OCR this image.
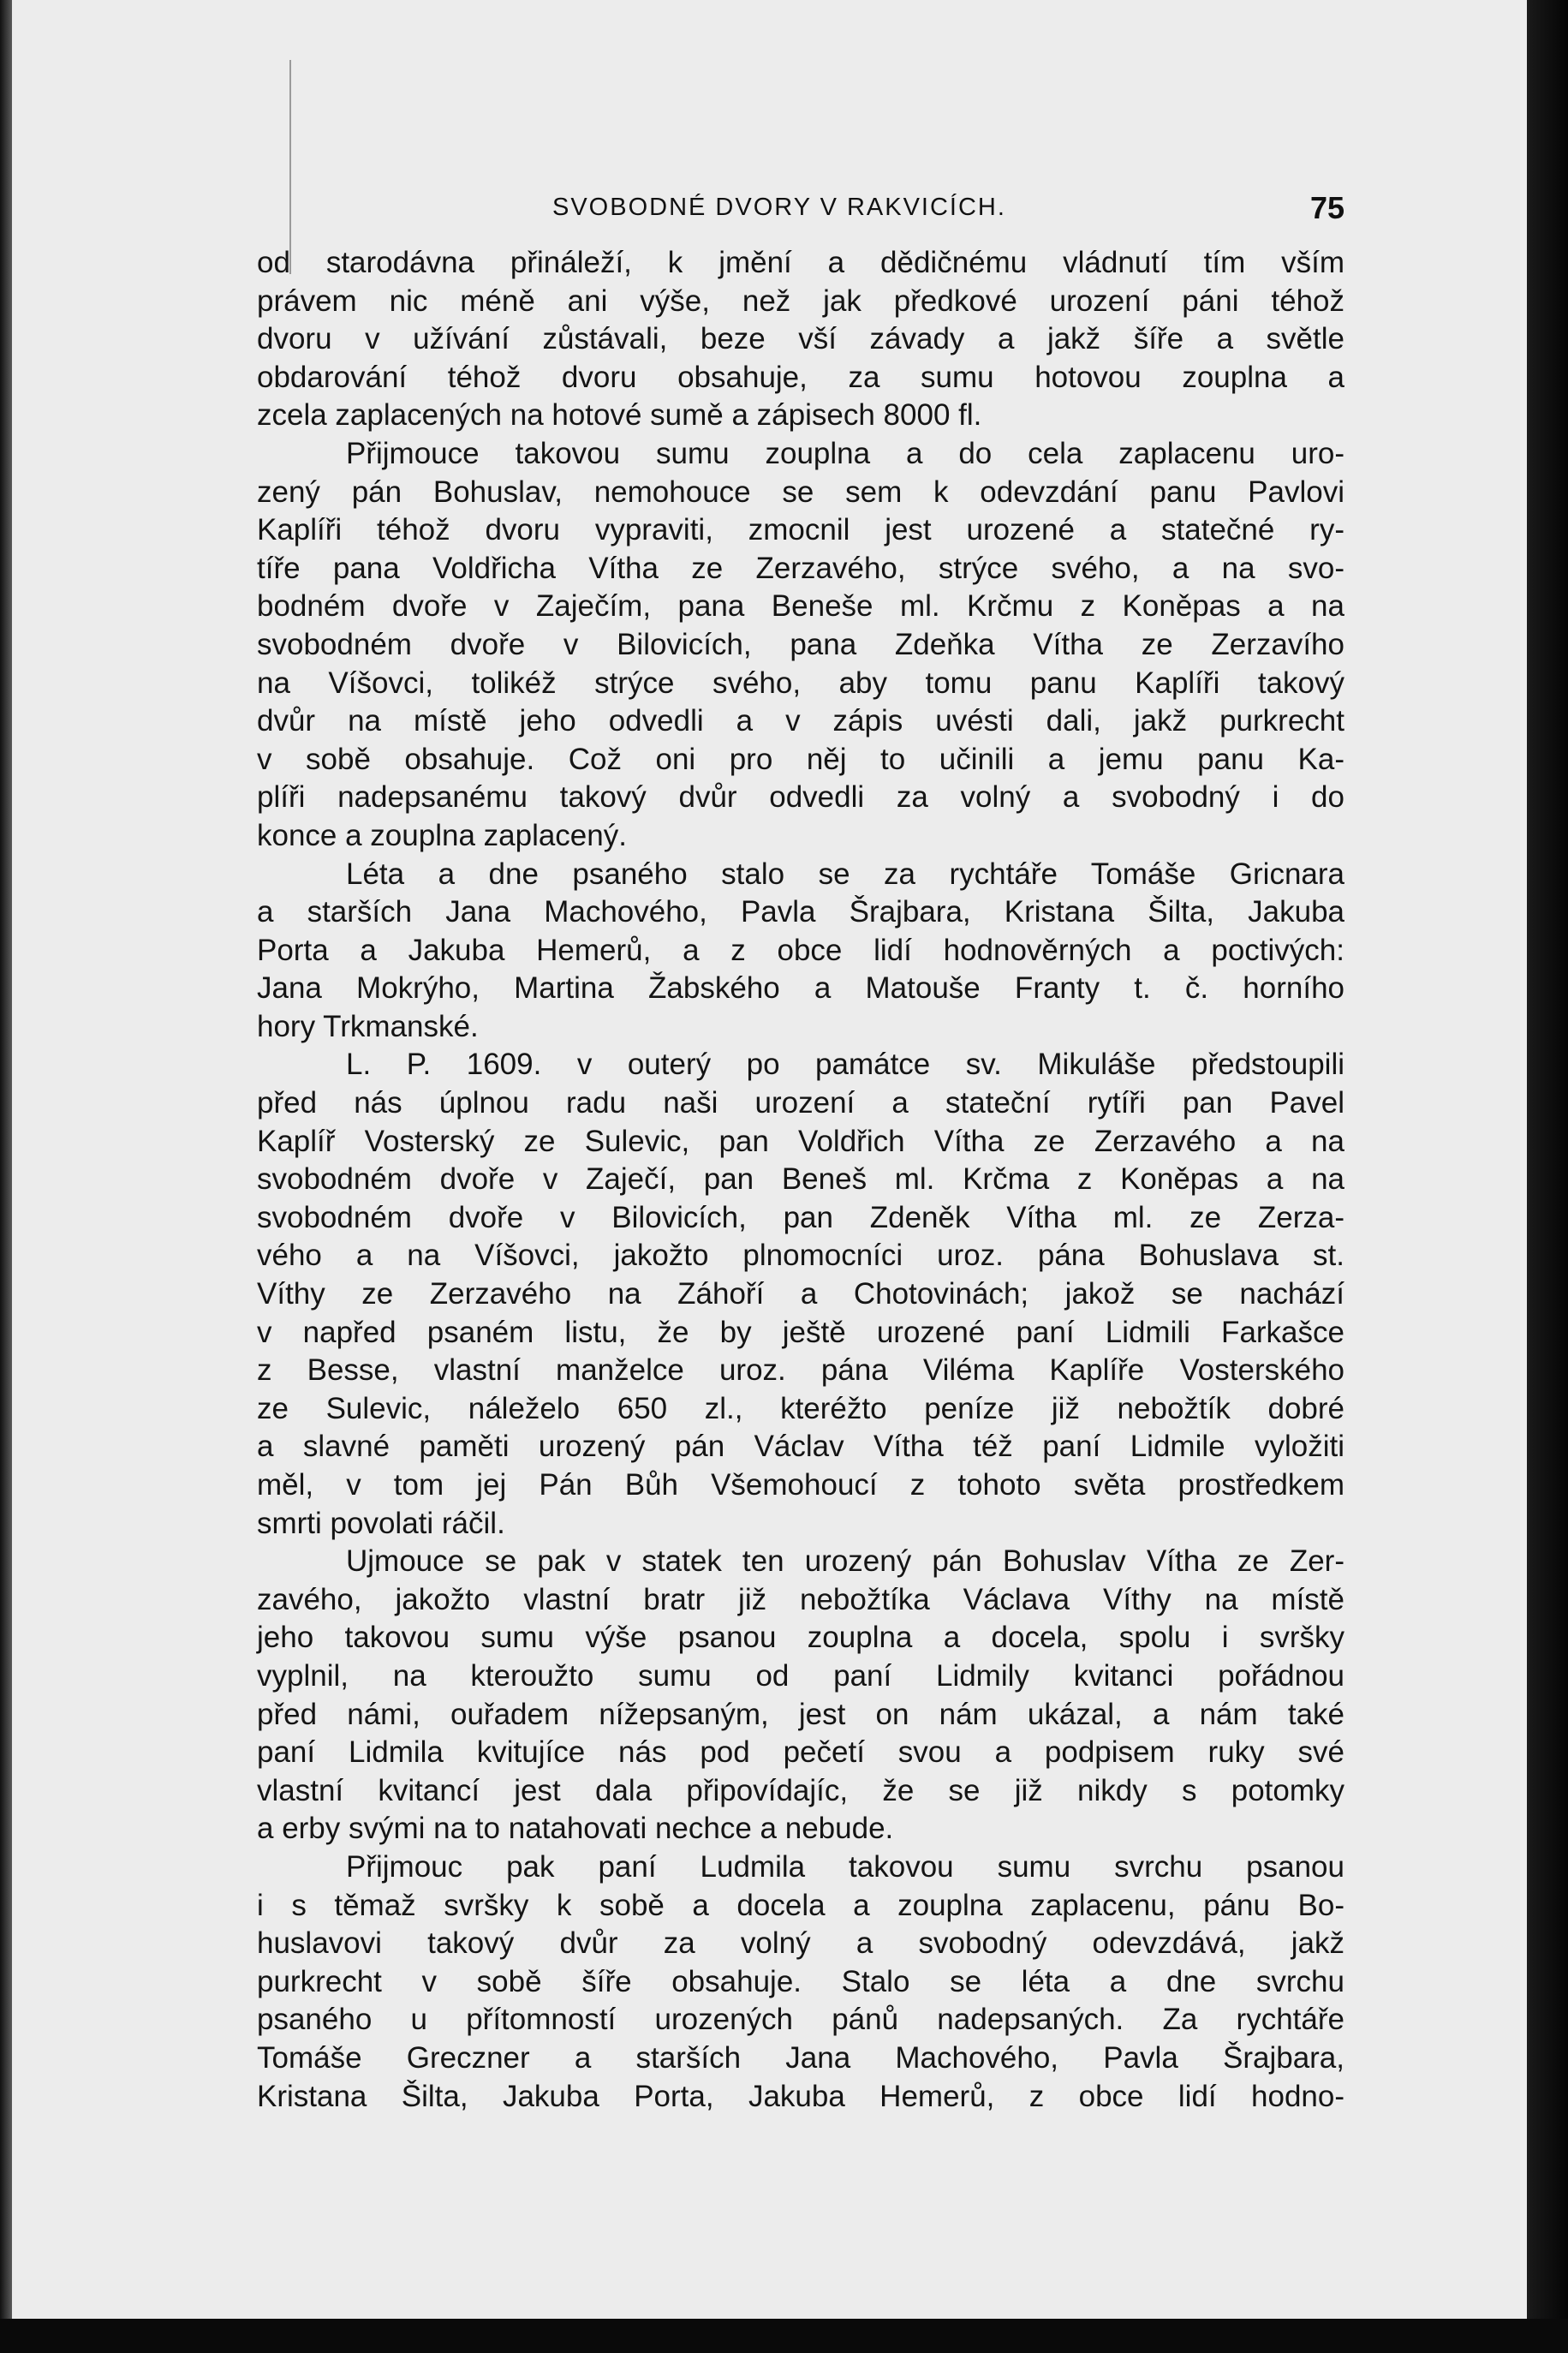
SVOBODNÉ DVORY V RAKVICÍCH.	75
od starodávna přináleží, k jmění a dědičnému vládnutí tím vším
právem nic méně ani výše, než jak předkové urození páni téhož
dvoru v užívání zůstávali, beze vší závady a jakž šíře a světle
obdarování téhož dvoru obsahuje, za sumu hotovou zouplna a
zcela zaplacených na hotové sumě a zápisech 8000 fl.
Přijmouce takovou sumu zouplna a do cela zaplacenu uro-
zený pán Bohuslav, nemohouce se sem k odevzdání panu Pavlovi
Kaplíři téhož dvoru vypraviti, zmocnil jest urozené a statečné ry-
tíře pana Voldřicha Vítha ze Zerzavého, strýce svého, a na svo-
bodném dvoře v Zaječím, pana Beneše ml. Krčmu z Koněpas a na
svobodném dvoře v Bilovicích, pana Zdeňka Vítha ze Zerzavího
na Víšovci, tolikéž strýce svého, aby tomu panu Kaplíři takový
dvůr na místě jeho odvedli a v zápis uvésti dali, jakž purkrecht
v sobě obsahuje. Což oni pro něj to učinili a jemu panu Ka-
plíři nadepsanému takový dvůr odvedli za volný a svobodný i do
konce a zouplna zaplacený.
Léta a dne psaného stalo se za rychtáře Tomáše Gricnara
a starších Jana Machového, Pavla Šrajbara, Kristana Šilta, Jakuba
Porta a Jakuba Hemerů, a z obce lidí hodnověrných a poctivých:
Jana Mokrýho, Martina Žabského a Matouše Franty t. č. horního
hory Trkmanské.
L. P. 1609. v outerý po památce sv. Mikuláše předstoupili
před nás úplnou radu naši urození a stateční rytíři pan Pavel
Kaplíř Vosterský ze Sulevic, pan Voldřich Vítha ze Zerzavého a na
svobodném dvoře v Zaječí, pan Beneš ml. Krčma z Koněpas a na
svobodném dvoře v Bilovicích, pan Zdeněk Vítha ml. ze Zerza-
vého a na Víšovci, jakožto plnomocníci uroz. pána Bohuslava st.
Víthy ze Zerzavého na Záhoří a Chotovinách; jakož se nachází
v napřed psaném listu, že by ještě urozené paní Lidmili Farkašce
z Besse, vlastní manželce uroz. pána Viléma Kaplíře Vosterského
ze Sulevic, náleželo 650 zl., kteréžto peníze již nebožtík dobré
a slavné paměti urozený pán Václav Vítha též paní Lidmile vyložiti
měl, v tom jej Pán Bůh Všemohoucí z tohoto světa prostředkem
smrti povolati ráčil.
Ujmouce se pak v statek ten urozený pán Bohuslav Vítha ze Zer-
zavého, jakožto vlastní bratr již nebožtíka Václava Víthy na místě
jeho takovou sumu výše psanou zouplna a docela, spolu i svršky
vyplnil, na kteroužto sumu od paní Lidmily kvitanci pořádnou
před námi, ouřadem nížepsaným, jest on nám ukázal, a nám také
paní Lidmila kvitujíce nás pod pečetí svou a podpisem ruky své
vlastní kvitancí jest dala připovídajíc, že se již nikdy s potomky
a erby svými na to natahovati nechce a nebude.
Přijmouc pak paní Ludmila takovou sumu svrchu psanou
i s těmaž svršky k sobě a docela a zouplna zaplacenu, pánu Bo-
huslavovi takový dvůr za volný a svobodný odevzdává, jakž
purkrecht v sobě šíře obsahuje. Stalo se léta a dne svrchu
psaného u přítomností urozených pánů nadepsaných. Za rychtáře
Tomáše Greczner a starších Jana Machového, Pavla Šrajbara,
Kristana Šilta, Jakuba Porta, Jakuba Hemerů, z obce lidí hodno-
